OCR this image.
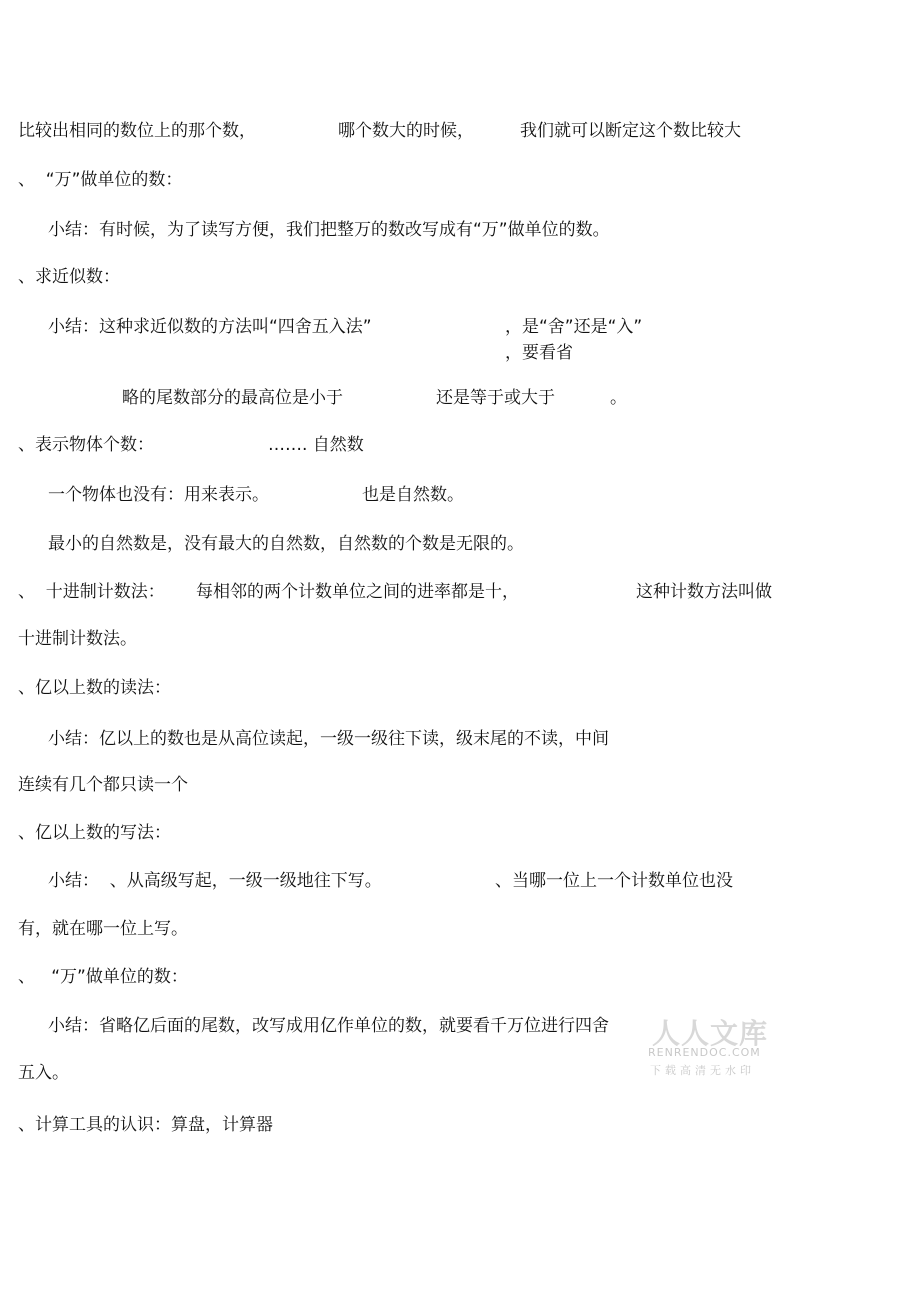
比较出相同的数位上的那个数，	哪个数大的时候，	我们就可以断定这个数比较大
、  “万”做单位的数：
小结：有时候，为了读写方便，我们把整万的数改写成有“万”做单位的数。
、求近似数：
小结：这种求近似数的方法叫“四舍五入法”	，是“舍”还是“入”
，要看省
略的尾数部分的最高位是小于	还是等于或大于	。
、表示物体个数：	……. 自然数
一个物体也没有：用来表示。	也是自然数。
最小的自然数是，没有最大的自然数，自然数的个数是无限的。
、  十进制计数法： 每相邻的两个计数单位之间的进率都是十，	这种计数方法叫做
十进制计数法。
、亿以上数的读法：
小结：亿以上的数也是从高位读起，一级一级往下读，级末尾的不读，中间
连续有几个都只读一个
、亿以上数的写法：
小结：  、从高级写起，一级一级地往下写。	、当哪一位上一个计数单位也没
有，就在哪一位上写。
、   “万”做单位的数：
小结：省略亿后面的尾数，改写成用亿作单位的数，就要看千万位进行四舍
五入。
、计算工具的认识：算盘，计算器
人人文库
RENRENDOC.COM
下载高清无水印
